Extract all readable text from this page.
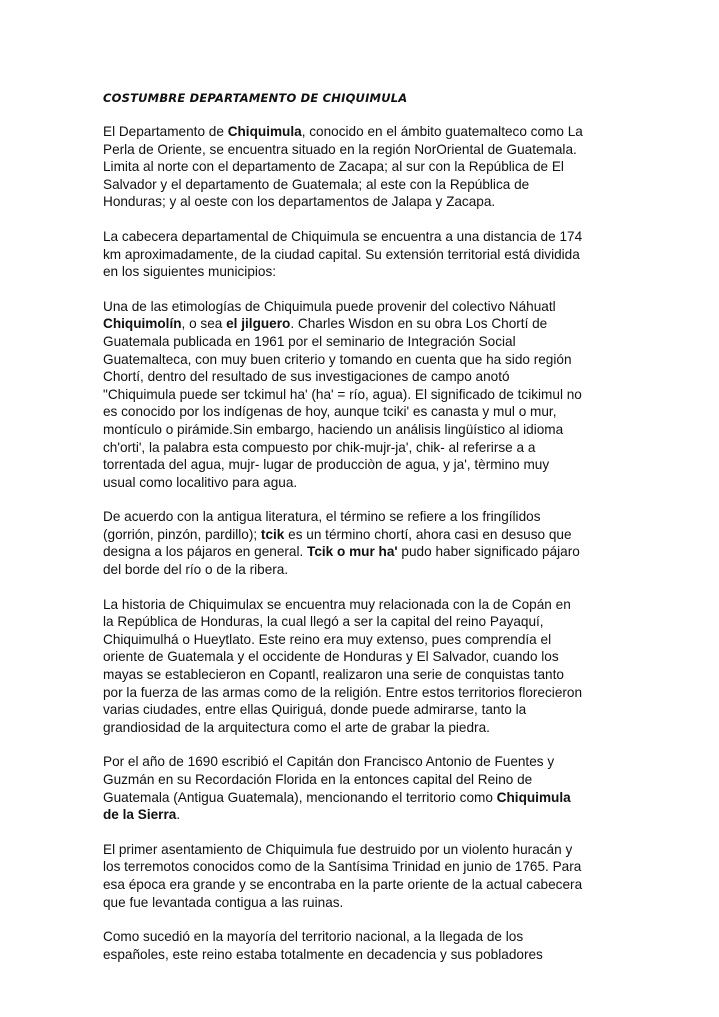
COSTUMBRE DEPARTAMENTO DE CHIQUIMULA
El Departamento de Chiquimula, conocido en el ámbito guatemalteco como La
Perla de Oriente, se encuentra situado en la región NorOriental de Guatemala.
Limita al norte con el departamento de Zacapa; al sur con la República de El
Salvador y el departamento de Guatemala; al este con la República de
Honduras; y al oeste con los departamentos de Jalapa y Zacapa.
La cabecera departamental de Chiquimula se encuentra a una distancia de 174
km aproximadamente, de la ciudad capital. Su extensión territorial está dividida
en los siguientes municipios:
Una de las etimologías de Chiquimula puede provenir del colectivo Náhuatl
Chiquimolín, o sea el jilguero. Charles Wisdon en su obra Los Chortí de
Guatemala publicada en 1961 por el seminario de Integración Social
Guatemalteca, con muy buen criterio y tomando en cuenta que ha sido región
Chortí, dentro del resultado de sus investigaciones de campo anotó
"Chiquimula puede ser tckimul ha' (ha' = río, agua). El significado de tcikimul no
es conocido por los indígenas de hoy, aunque tciki' es canasta y mul o mur,
montículo o pirámide.Sin embargo, haciendo un análisis lingüístico al idioma
ch'orti', la palabra esta compuesto por chik-mujr-ja', chik- al referirse a a
torrentada del agua, mujr- lugar de producciòn de agua, y ja', tèrmino muy
usual como localitivo para agua.
De acuerdo con la antigua literatura, el término se refiere a los fringílidos
(gorrión, pinzón, pardillo); tcik es un término chortí, ahora casi en desuso que
designa a los pájaros en general. Tcik o mur ha' pudo haber significado pájaro
del borde del río o de la ribera.
La historia de Chiquimulax se encuentra muy relacionada con la de Copán en
la República de Honduras, la cual llegó a ser la capital del reino Payaquí,
Chiquimulhá o Hueytlato. Este reino era muy extenso, pues comprendía el
oriente de Guatemala y el occidente de Honduras y El Salvador, cuando los
mayas se establecieron en Copantl, realizaron una serie de conquistas tanto
por la fuerza de las armas como de la religión. Entre estos territorios florecieron
varias ciudades, entre ellas Quiriguá, donde puede admirarse, tanto la
grandiosidad de la arquitectura como el arte de grabar la piedra.
Por el año de 1690 escribió el Capitán don Francisco Antonio de Fuentes y
Guzmán en su Recordación Florida en la entonces capital del Reino de
Guatemala (Antigua Guatemala), mencionando el territorio como Chiquimula
de la Sierra.
El primer asentamiento de Chiquimula fue destruido por un violento huracán y
los terremotos conocidos como de la Santísima Trinidad en junio de 1765. Para
esa época era grande y se encontraba en la parte oriente de la actual cabecera
que fue levantada contigua a las ruinas.
Como sucedió en la mayoría del territorio nacional, a la llegada de los
españoles, este reino estaba totalmente en decadencia y sus pobladores
